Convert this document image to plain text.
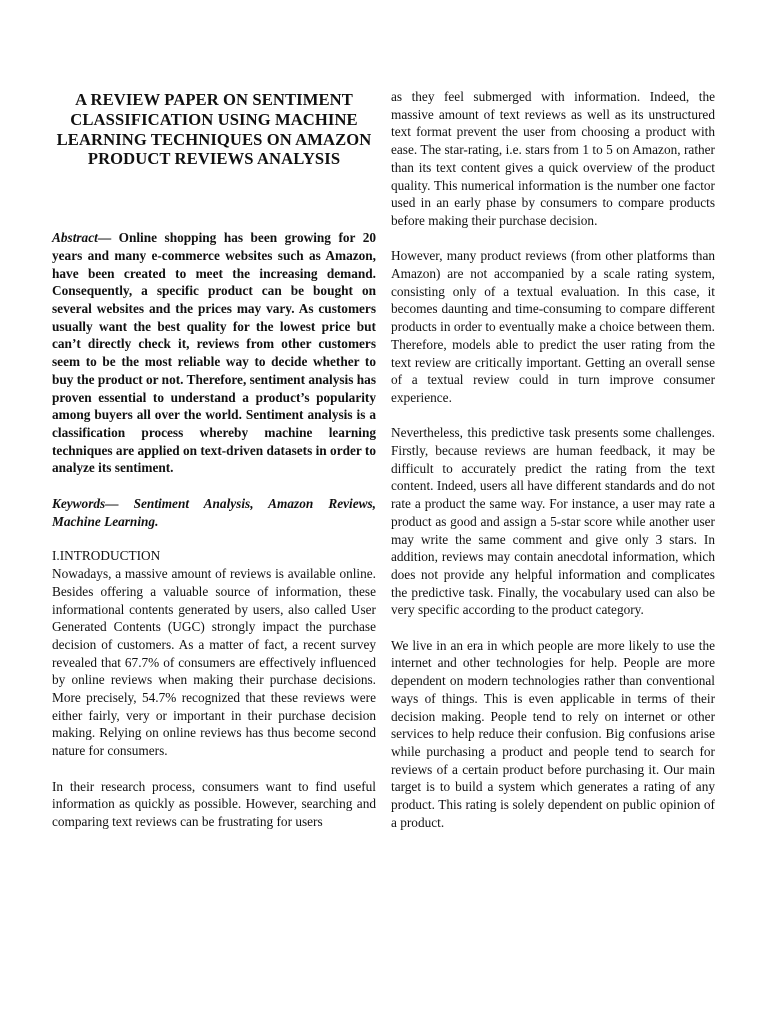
A REVIEW PAPER ON SENTIMENT CLASSIFICATION USING MACHINE LEARNING TECHNIQUES ON AMAZON PRODUCT REVIEWS ANALYSIS

Abstract— Online shopping has been growing for 20 years and many e-commerce websites such as Amazon, have been created to meet the increasing demand. Consequently, a specific product can be bought on several websites and the prices may vary. As customers usually want the best quality for the lowest price but can’t directly check it, reviews from other customers seem to be the most reliable way to decide whether to buy the product or not. Therefore, sentiment analysis has proven essential to understand a product’s popularity among buyers all over the world. Sentiment analysis is a classification process whereby machine learning techniques are applied on text-driven datasets in order to analyze its sentiment.

Keywords— Sentiment Analysis, Amazon Reviews, Machine Learning.

I.INTRODUCTION

Nowadays, a massive amount of reviews is available online. Besides offering a valuable source of information, these informational contents generated by users, also called User Generated Contents (UGC) strongly impact the purchase decision of customers. As a matter of fact, a recent survey revealed that 67.7% of consumers are effectively influenced by online reviews when making their purchase decisions. More precisely, 54.7% recognized that these reviews were either fairly, very or important in their purchase decision making. Relying on online reviews has thus become second nature for consumers.

In their research process, consumers want to find useful information as quickly as possible. However, searching and comparing text reviews can be frustrating for users

as they feel submerged with information. Indeed, the massive amount of text reviews as well as its unstructured text format prevent the user from choosing a product with ease. The star-rating, i.e. stars from 1 to 5 on Amazon, rather than its text content gives a quick overview of the product quality. This numerical information is the number one factor used in an early phase by consumers to compare products before making their purchase decision.

However, many product reviews (from other platforms than Amazon) are not accompanied by a scale rating system, consisting only of a textual evaluation. In this case, it becomes daunting and time-consuming to compare different products in order to eventually make a choice between them. Therefore, models able to predict the user rating from the text review are critically important. Getting an overall sense of a textual review could in turn improve consumer experience.

Nevertheless, this predictive task presents some challenges. Firstly, because reviews are human feedback, it may be difficult to accurately predict the rating from the text content. Indeed, users all have different standards and do not rate a product the same way. For instance, a user may rate a product as good and assign a 5-star score while another user may write the same comment and give only 3 stars. In addition, reviews may contain anecdotal information, which does not provide any helpful information and complicates the predictive task. Finally, the vocabulary used can also be very specific according to the product category.

We live in an era in which people are more likely to use the internet and other technologies for help. People are more dependent on modern technologies rather than conventional ways of things. This is even applicable in terms of their decision making. People tend to rely on internet or other services to help reduce their confusion. Big confusions arise while purchasing a product and people tend to search for reviews of a certain product before purchasing it. Our main target is to build a system which generates a rating of any product. This rating is solely dependent on public opinion of a product.
